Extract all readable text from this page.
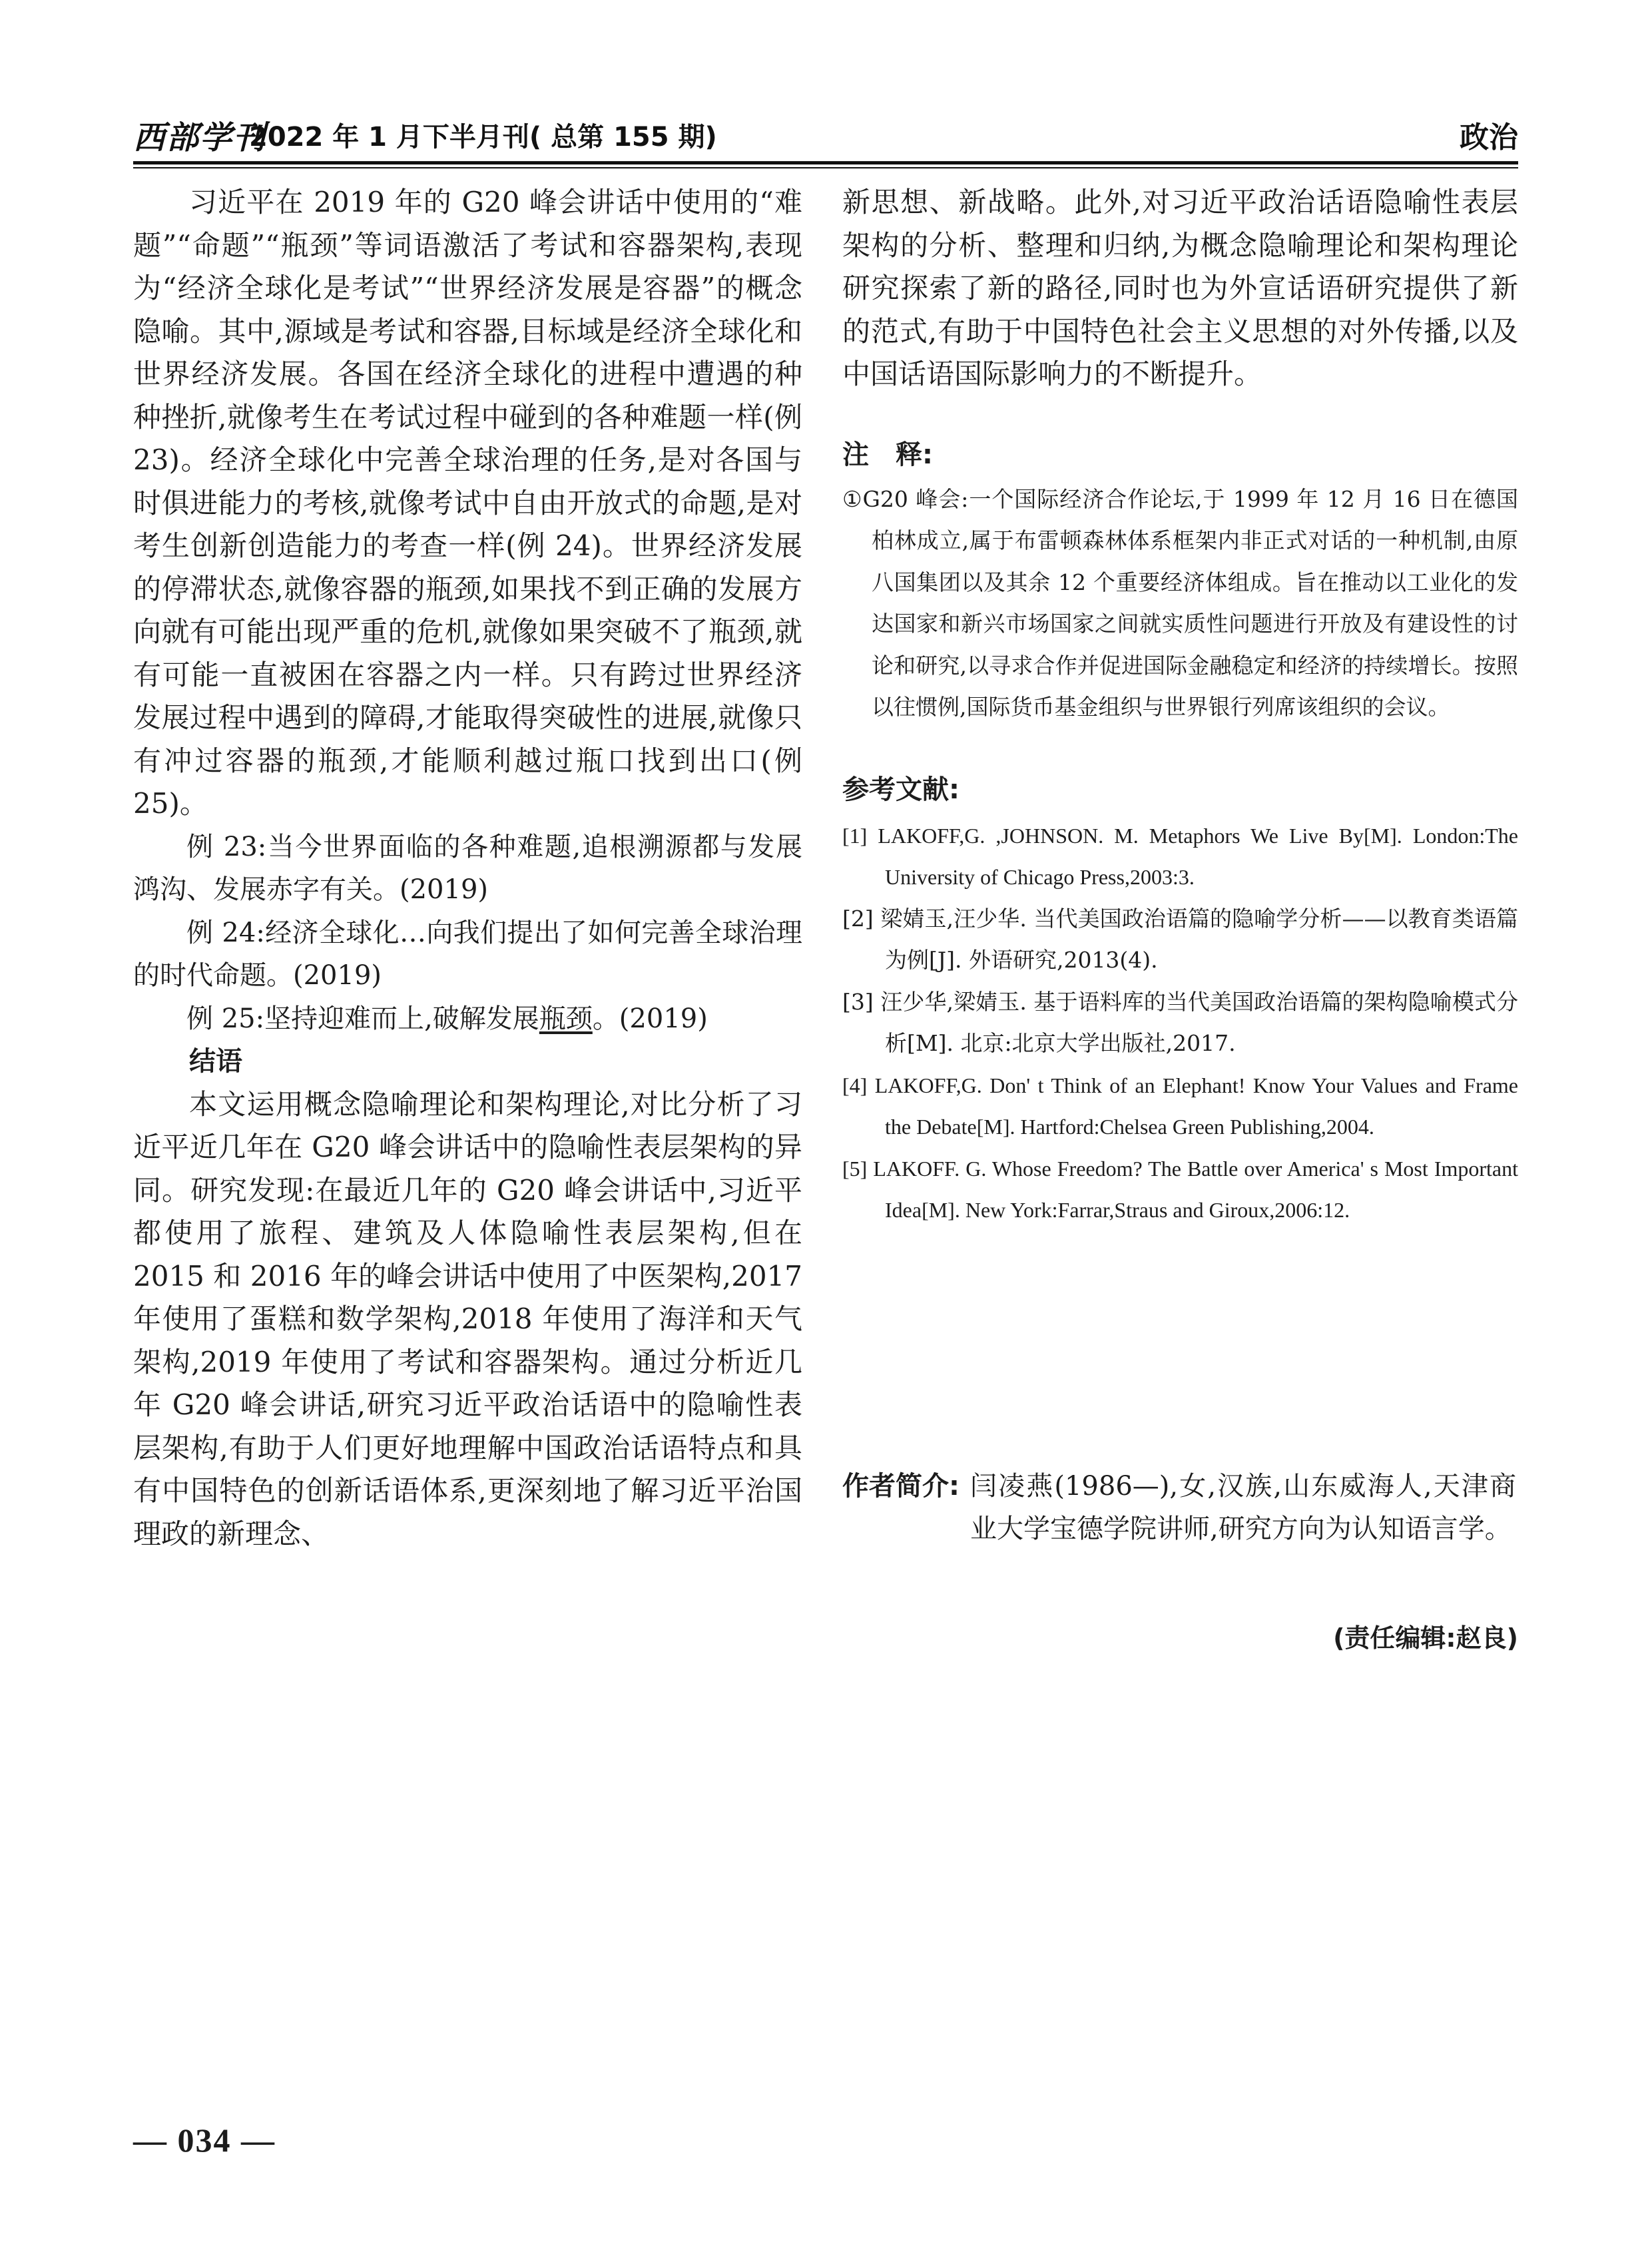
西部学刊
2022 年 1 月下半月刊( 总第 155 期)	政治

习近平在 2019 年的 G20 峰会讲话中使用的“难题”“命题”“瓶颈”等词语激活了考试和容器架构,表现为“经济全球化是考试”“世界经济发展是容器”的概念隐喻。其中,源域是考试和容器,目标域是经济全球化和世界经济发展。各国在经济全球化的进程中遭遇的种种挫折,就像考生在考试过程中碰到的各种难题一样(例 23)。经济全球化中完善全球治理的任务,是对各国与时俱进能力的考核,就像考试中自由开放式的命题,是对考生创新创造能力的考查一样(例 24)。世界经济发展的停滞状态,就像容器的瓶颈,如果找不到正确的发展方向就有可能出现严重的危机,就像如果突破不了瓶颈,就有可能一直被困在容器之内一样。只有跨过世界经济发展过程中遇到的障碍,才能取得突破性的进展,就像只有冲过容器的瓶颈,才能顺利越过瓶口找到出口(例 25)。

例 23:当今世界面临的各种难题,追根溯源都与发展鸿沟、发展赤字有关。(2019)

例 24:经济全球化…向我们提出了如何完善全球治理的时代命题。(2019)

例 25:坚持迎难而上,破解发展瓶颈。(2019)

结语

本文运用概念隐喻理论和架构理论,对比分析了习近平近几年在 G20 峰会讲话中的隐喻性表层架构的异同。研究发现:在最近几年的 G20 峰会讲话中,习近平都使用了旅程、建筑及人体隐喻性表层架构,但在 2015 和 2016 年的峰会讲话中使用了中医架构,2017 年使用了蛋糕和数学架构,2018 年使用了海洋和天气架构,2019 年使用了考试和容器架构。通过分析近几年 G20 峰会讲话,研究习近平政治话语中的隐喻性表层架构,有助于人们更好地理解中国政治话语特点和具有中国特色的创新话语体系,更深刻地了解习近平治国理政的新理念、

新思想、新战略。此外,对习近平政治话语隐喻性表层架构的分析、整理和归纳,为概念隐喻理论和架构理论研究探索了新的路径,同时也为外宣话语研究提供了新的范式,有助于中国特色社会主义思想的对外传播,以及中国话语国际影响力的不断提升。

注　释:

①G20 峰会:一个国际经济合作论坛,于 1999 年 12 月 16 日在德国柏林成立,属于布雷顿森林体系框架内非正式对话的一种机制,由原八国集团以及其余 12 个重要经济体组成。旨在推动以工业化的发达国家和新兴市场国家之间就实质性问题进行开放及有建设性的讨论和研究,以寻求合作并促进国际金融稳定和经济的持续增长。按照以往惯例,国际货币基金组织与世界银行列席该组织的会议。

参考文献:

[1] LAKOFF,G. ,JOHNSON. M. Metaphors We Live By[M]. London:The University of Chicago Press,2003:3.

[2] 梁婧玉,汪少华. 当代美国政治语篇的隐喻学分析——以教育类语篇为例[J]. 外语研究,2013(4).

[3] 汪少华,梁婧玉. 基于语料库的当代美国政治语篇的架构隐喻模式分析[M]. 北京:北京大学出版社,2017.

[4] LAKOFF,G. Don' t Think of an Elephant! Know Your Values and Frame the Debate[M]. Hartford:Chelsea Green Publishing,2004.

[5] LAKOFF. G. Whose Freedom? The Battle over America' s Most Important Idea[M]. New York:Farrar,Straus and Giroux,2006:12.

作者简介: 闫凌燕(1986—),女,汉族,山东威海人,天津商业大学宝德学院讲师,研究方向为认知语言学。
(责任编辑:赵良)
— 034 —
